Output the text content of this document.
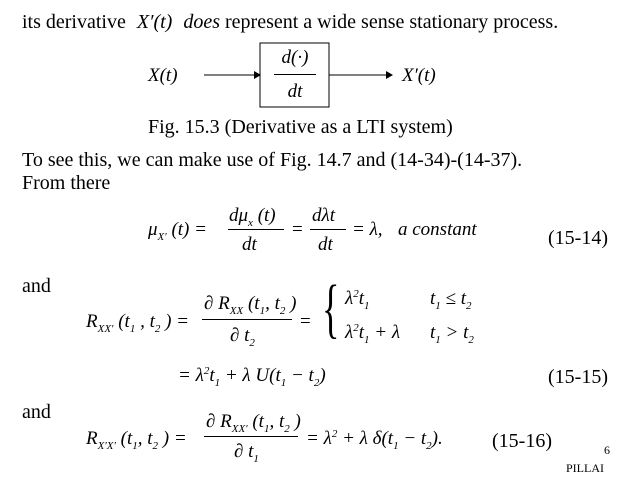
its derivative X′(t) does represent a wide sense stationary process.
X(t)
d(·)
dt
X′(t)
Fig. 15.3 (Derivative as a LTI system)
To see this, we can make use of Fig. 14.7 and (14-34)-(14-37).
From there
$\mu_{X'}$ (t) =
$d\mu_x$ (t)
dt
=
dλt
dt
= λ, a constant	(15-14)
and
$R_{XX'}$ ($t_1$ , $t_2$ ) =
∂ $R_{XX}$ ($t_1$, $t_2$ )
∂ $t_2$
= { $\lambda^2t_1$	$t_1 \le t_2$
$\lambda^2t_1 + \lambda$ $t_1 > t_2$
= $\lambda^2t_1 + \lambda$ $U(t_1 - t_2)$	(15-15)
and
$R_{X'X'}$ ($t_1$, $t_2$ ) =
∂ $R_{XX'}$ ($t_1$, $t_2$ )
∂ $t_1$
= $\lambda^2 + \lambda$ $\delta(t_1 - t_2)$. (15-16)	6
PILLAI
